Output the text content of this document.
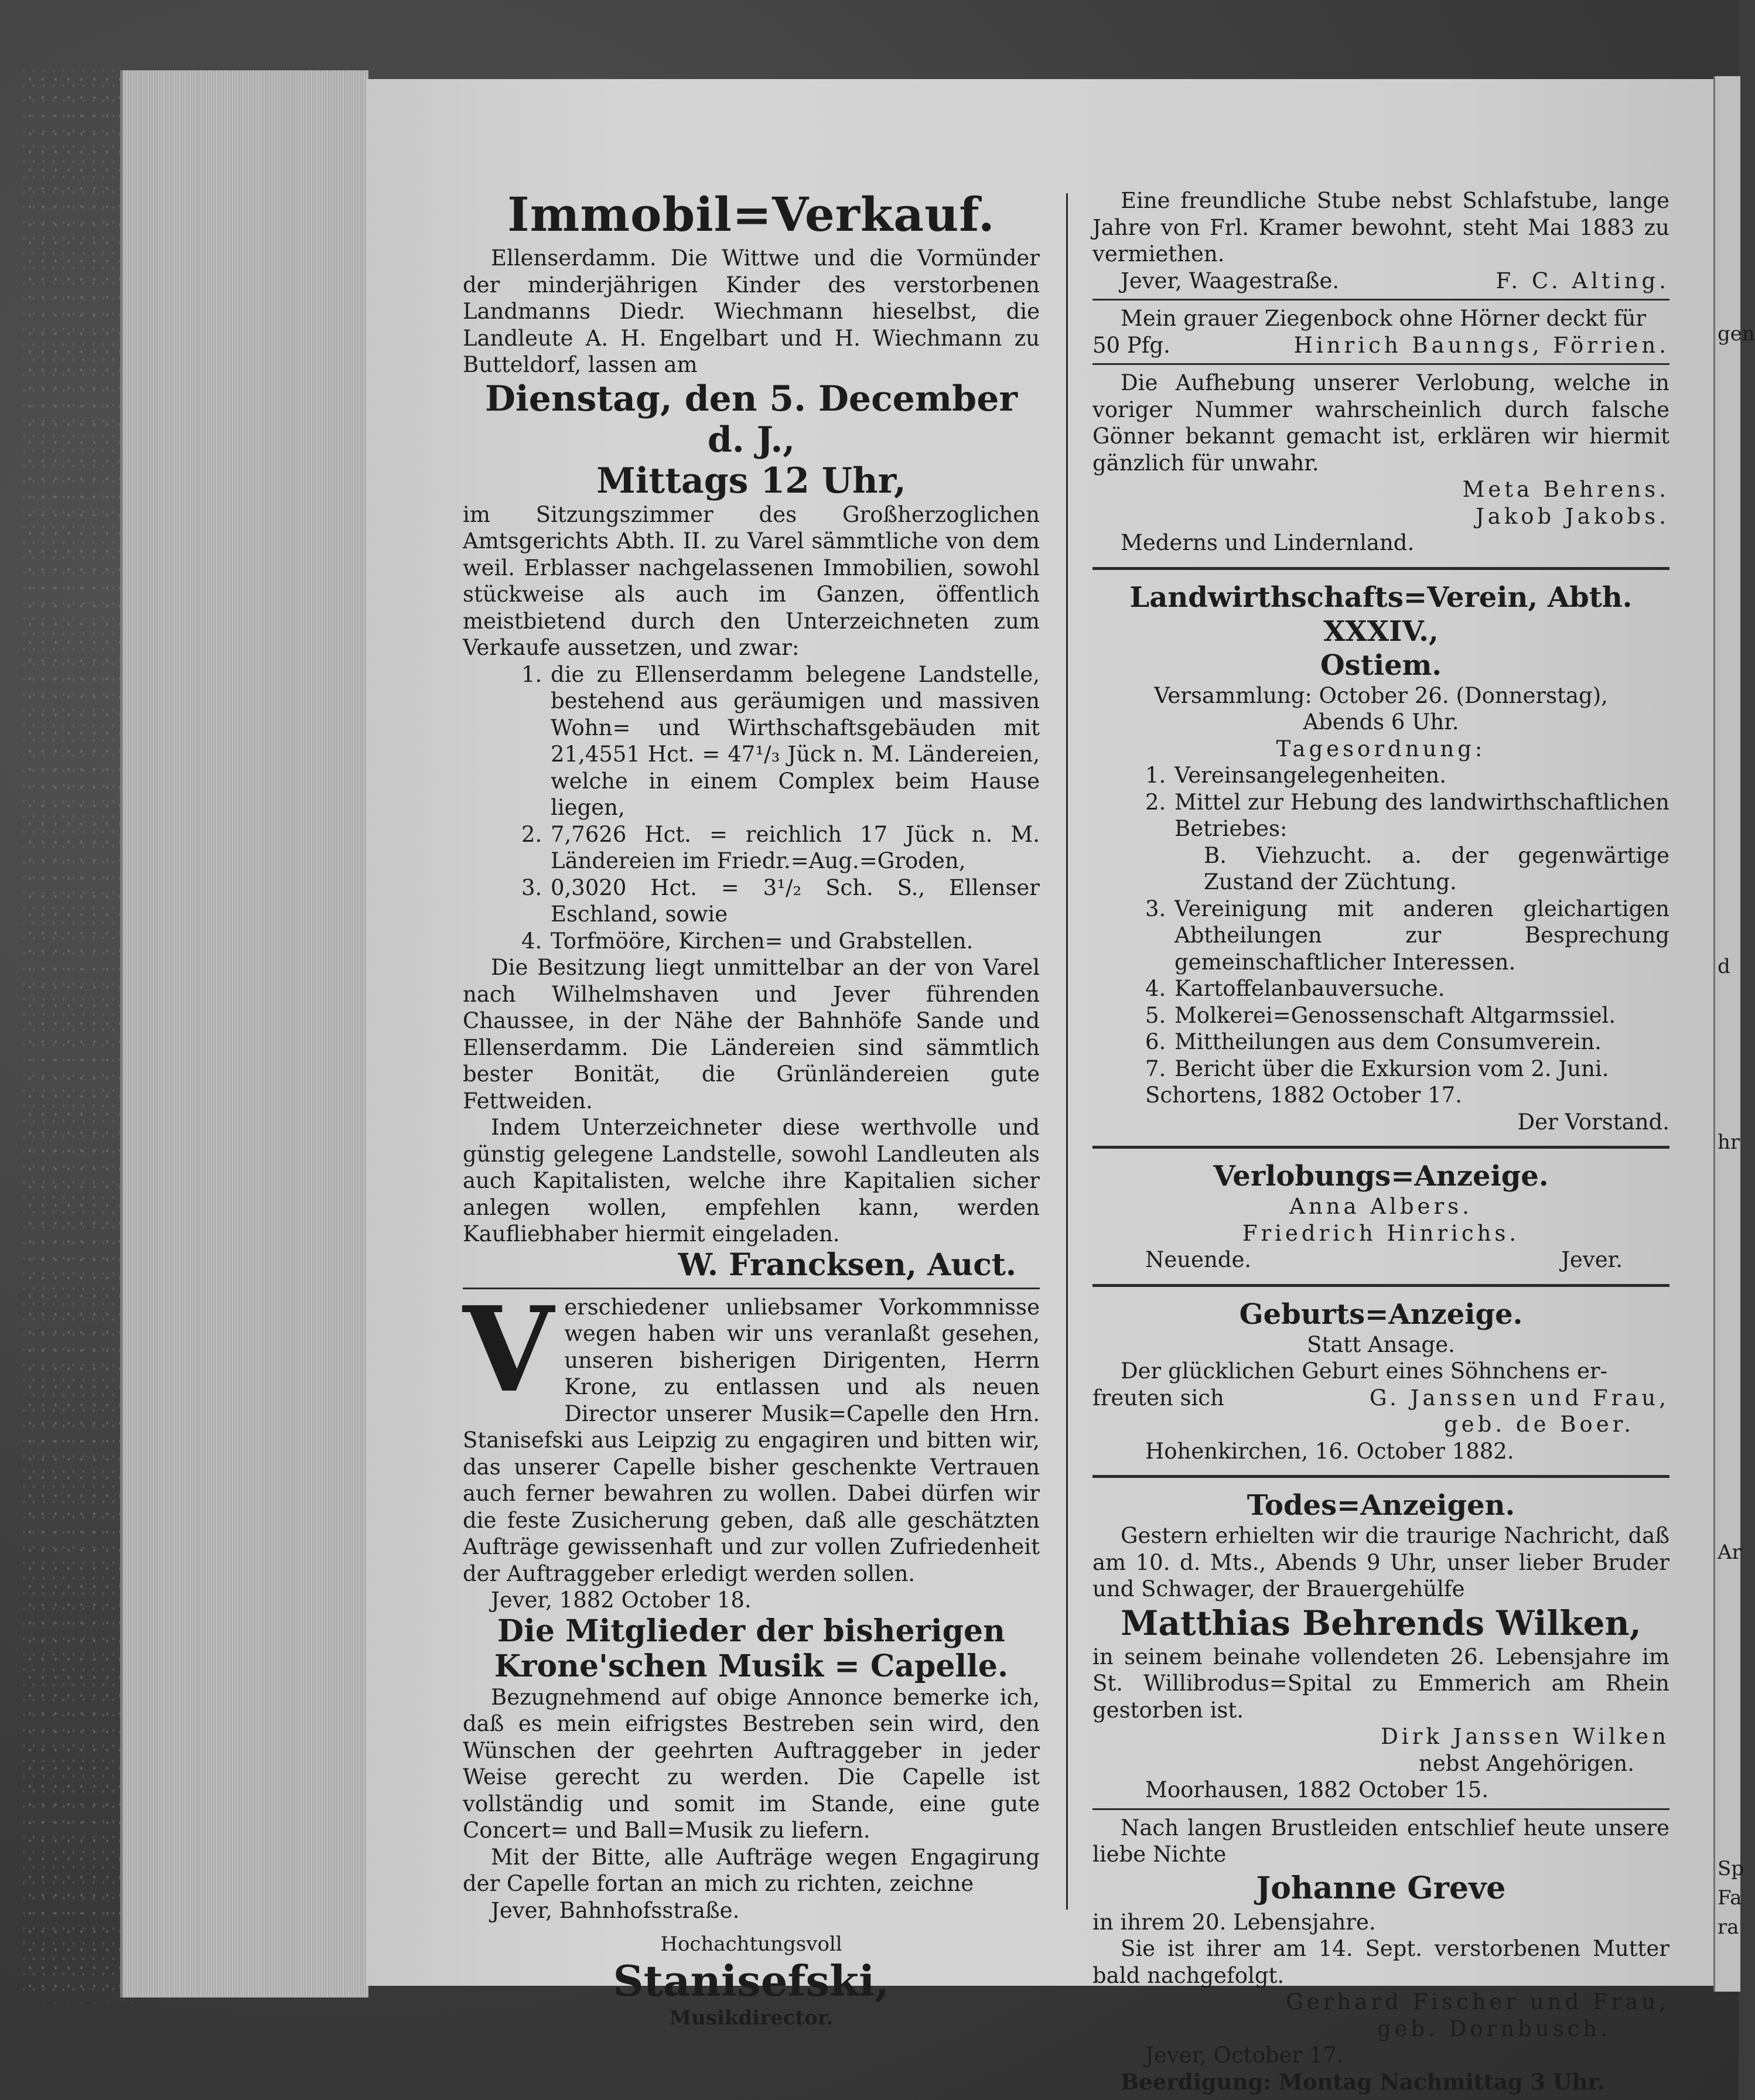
gen
d
hr
Ar
Sp
Fa
ra

Immobil=Verkauf.

Ellenserdamm. Die Wittwe und die Vormünder der minderjährigen Kinder des verstorbenen Landmanns Diedr. Wiechmann hieselbst, die Landleute A. H. Engelbart und H. Wiechmann zu Butteldorf, lassen am

Dienstag, den 5. December d. J.,

Mittags 12 Uhr,

im Sitzungszimmer des Großherzoglichen Amtsgerichts Abth. II. zu Varel sämmtliche von dem weil. Erblasser nachgelassenen Immobilien, sowohl stückweise als auch im Ganzen, öffentlich meistbietend durch den Unterzeichneten zum Verkaufe aussetzen, und zwar:

1. die zu Ellenserdamm belegene Landstelle, bestehend aus geräumigen und massiven Wohn= und Wirthschaftsgebäuden mit 21,4551 Hct. = 47¹/₃ Jück n. M. Ländereien, welche in einem Complex beim Hause liegen,
2. 7,7626 Hct. = reichlich 17 Jück n. M. Ländereien im Friedr.=Aug.=Groden,
3. 0,3020 Hct. = 3¹/₂ Sch. S., Ellenser Eschland, sowie
4. Torfmööre, Kirchen= und Grabstellen.

Die Besitzung liegt unmittelbar an der von Varel nach Wilhelmshaven und Jever führenden Chaussee, in der Nähe der Bahnhöfe Sande und Ellenserdamm. Die Ländereien sind sämmtlich bester Bonität, die Grünländereien gute Fettweiden.

Indem Unterzeichneter diese werthvolle und günstig gelegene Landstelle, sowohl Landleuten als auch Kapitalisten, welche ihre Kapitalien sicher anlegen wollen, empfehlen kann, werden Kaufliebhaber hiermit eingeladen.

W. Francksen, Auct.

V erschiedener unliebsamer Vorkommnisse wegen haben wir uns veranlaßt gesehen, unseren bisherigen Dirigenten, Herrn Krone, zu entlassen und als neuen Director unserer Musik=Capelle den Hrn. Stanisefski aus Leipzig zu engagiren und bitten wir, das unserer Capelle bisher geschenkte Vertrauen auch ferner bewahren zu wollen. Dabei dürfen wir die feste Zusicherung geben, daß alle geschätzten Aufträge gewissenhaft und zur vollen Zufriedenheit der Auftraggeber erledigt werden sollen.

Jever, 1882 October 18.

Die Mitglieder der bisherigen

Krone'schen Musik = Capelle.

Bezugnehmend auf obige Annonce bemerke ich, daß es mein eifrigstes Bestreben sein wird, den Wünschen der geehrten Auftraggeber in jeder Weise gerecht zu werden. Die Capelle ist vollständig und somit im Stande, eine gute Concert= und Ball=Musik zu liefern.

Mit der Bitte, alle Aufträge wegen Engagirung der Capelle fortan an mich zu richten, zeichne

Jever, Bahnhofsstraße.

Hochachtungsvoll

Stanisefski,

Musikdirector.

Eine freundliche Stube nebst Schlafstube, lange Jahre von Frl. Kramer bewohnt, steht Mai 1883 zu vermiethen.

Jever, Waagestraße.	F. C. Alting.

Mein grauer Ziegenbock ohne Hörner deckt für

50 Pfg.	Hinrich Baunngs, Förrien.

Die Aufhebung unserer Verlobung, welche in voriger Nummer wahrscheinlich durch falsche Gönner bekannt gemacht ist, erklären wir hiermit gänzlich für unwahr.

Meta Behrens.

Jakob Jakobs.

Mederns und Lindernland.

Landwirthschafts=Verein, Abth. XXXIV.,

Ostiem.

Versammlung: October 26. (Donnerstag),

Abends 6 Uhr.

Tagesordnung:

1. Vereinsangelegenheiten.
2. Mittel zur Hebung des landwirthschaftlichen Betriebes:
B. Viehzucht. a. der gegenwärtige Zustand der Züchtung.
3. Vereinigung mit anderen gleichartigen Abtheilungen zur Besprechung gemeinschaftlicher Interessen.
4. Kartoffelanbauversuche.
5. Molkerei=Genossenschaft Altgarmssiel.
6. Mittheilungen aus dem Consumverein.
7. Bericht über die Exkursion vom 2. Juni.

Schortens, 1882 October 17.

Der Vorstand.

Verlobungs=Anzeige.

Anna Albers.

Friedrich Hinrichs.

Neuende.	Jever.

Geburts=Anzeige.

Statt Ansage.

Der glücklichen Geburt eines Söhnchens er-

freuten sich	G. Janssen und Frau,

geb. de Boer.

Hohenkirchen, 16. October 1882.

Todes=Anzeigen.

Gestern erhielten wir die traurige Nachricht, daß am 10. d. Mts., Abends 9 Uhr, unser lieber Bruder und Schwager, der Brauergehülfe

Matthias Behrends Wilken,

in seinem beinahe vollendeten 26. Lebensjahre im St. Willibrodus=Spital zu Emmerich am Rhein gestorben ist.

Dirk Janssen Wilken

nebst Angehörigen.

Moorhausen, 1882 October 15.

Nach langen Brustleiden entschlief heute unsere liebe Nichte

Johanne Greve

in ihrem 20. Lebensjahre.

Sie ist ihrer am 14. Sept. verstorbenen Mutter bald nachgefolgt.

Gerhard Fischer und Frau,

geb. Dornbusch.

Jever, October 17.

Beerdigung: Montag Nachmittag 3 Uhr.
